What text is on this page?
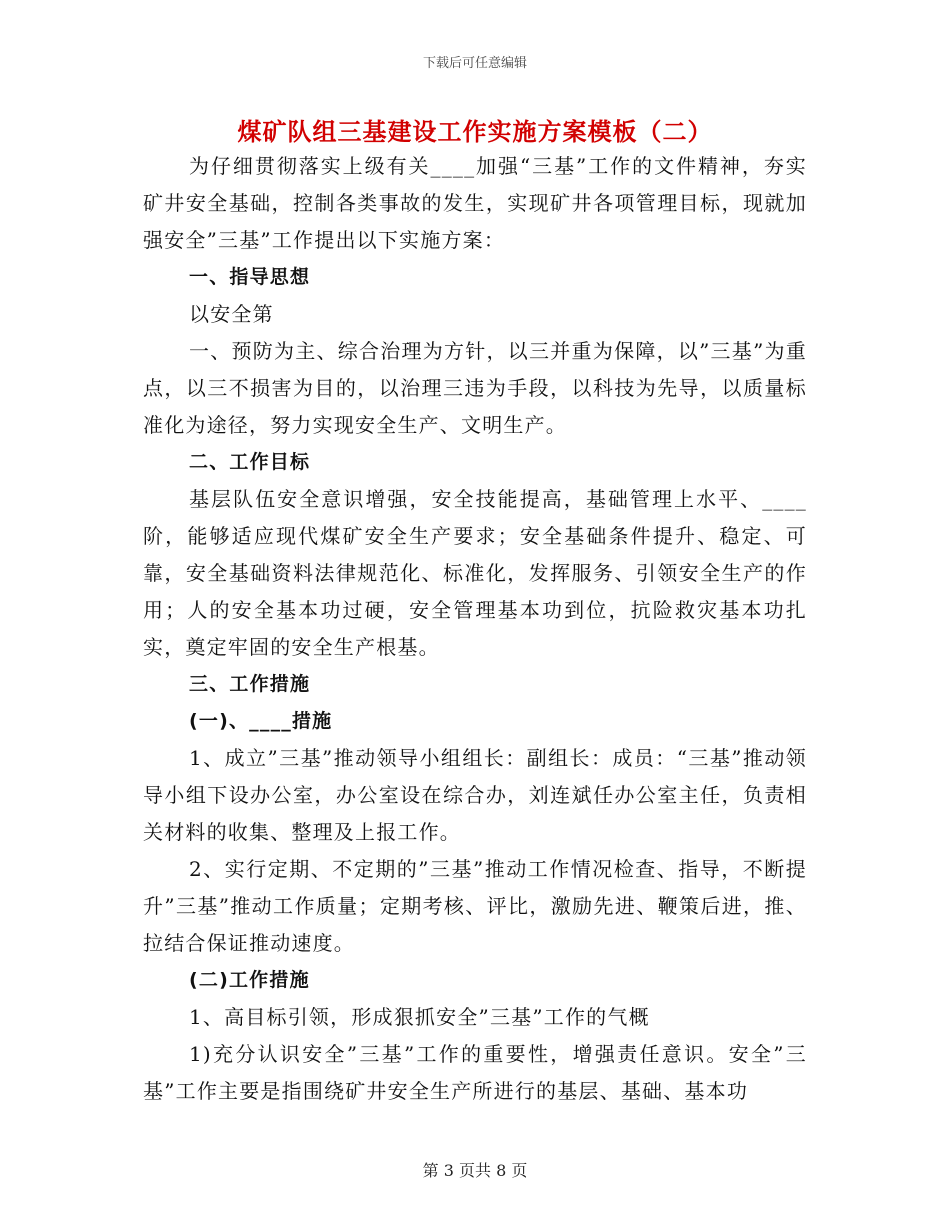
下载后可任意编辑
煤矿队组三基建设工作实施方案模板（二）

为仔细贯彻落实上级有关____加强“三基”工作的文件精神，夯实矿井安全基础，控制各类事故的发生，实现矿井各项管理目标，现就加强安全”三基”工作提出以下实施方案：

一、指导思想

以安全第

一、预防为主、综合治理为方针，以三并重为保障，以”三基”为重点，以三不损害为目的，以治理三违为手段，以科技为先导，以质量标准化为途径，努力实现安全生产、文明生产。

二、工作目标

基层队伍安全意识增强，安全技能提高，基础管理上水平、____阶，能够适应现代煤矿安全生产要求；安全基础条件提升、稳定、可靠，安全基础资料法律规范化、标准化，发挥服务、引领安全生产的作用；人的安全基本功过硬，安全管理基本功到位，抗险救灾基本功扎实，奠定牢固的安全生产根基。

三、工作措施

(一)、____措施

1、成立”三基”推动领导小组组长：副组长：成员：“三基”推动领导小组下设办公室，办公室设在综合办，刘连斌任办公室主任，负责相关材料的收集、整理及上报工作。

2、实行定期、不定期的”三基”推动工作情况检查、指导，不断提升”三基”推动工作质量；定期考核、评比，激励先进、鞭策后进，推、拉结合保证推动速度。

(二)工作措施

1、高目标引领，形成狠抓安全”三基”工作的气概

1)充分认识安全”三基”工作的重要性，增强责任意识。安全”三基”工作主要是指围绕矿井安全生产所进行的基层、基础、基本功

第 3 页共 8 页
